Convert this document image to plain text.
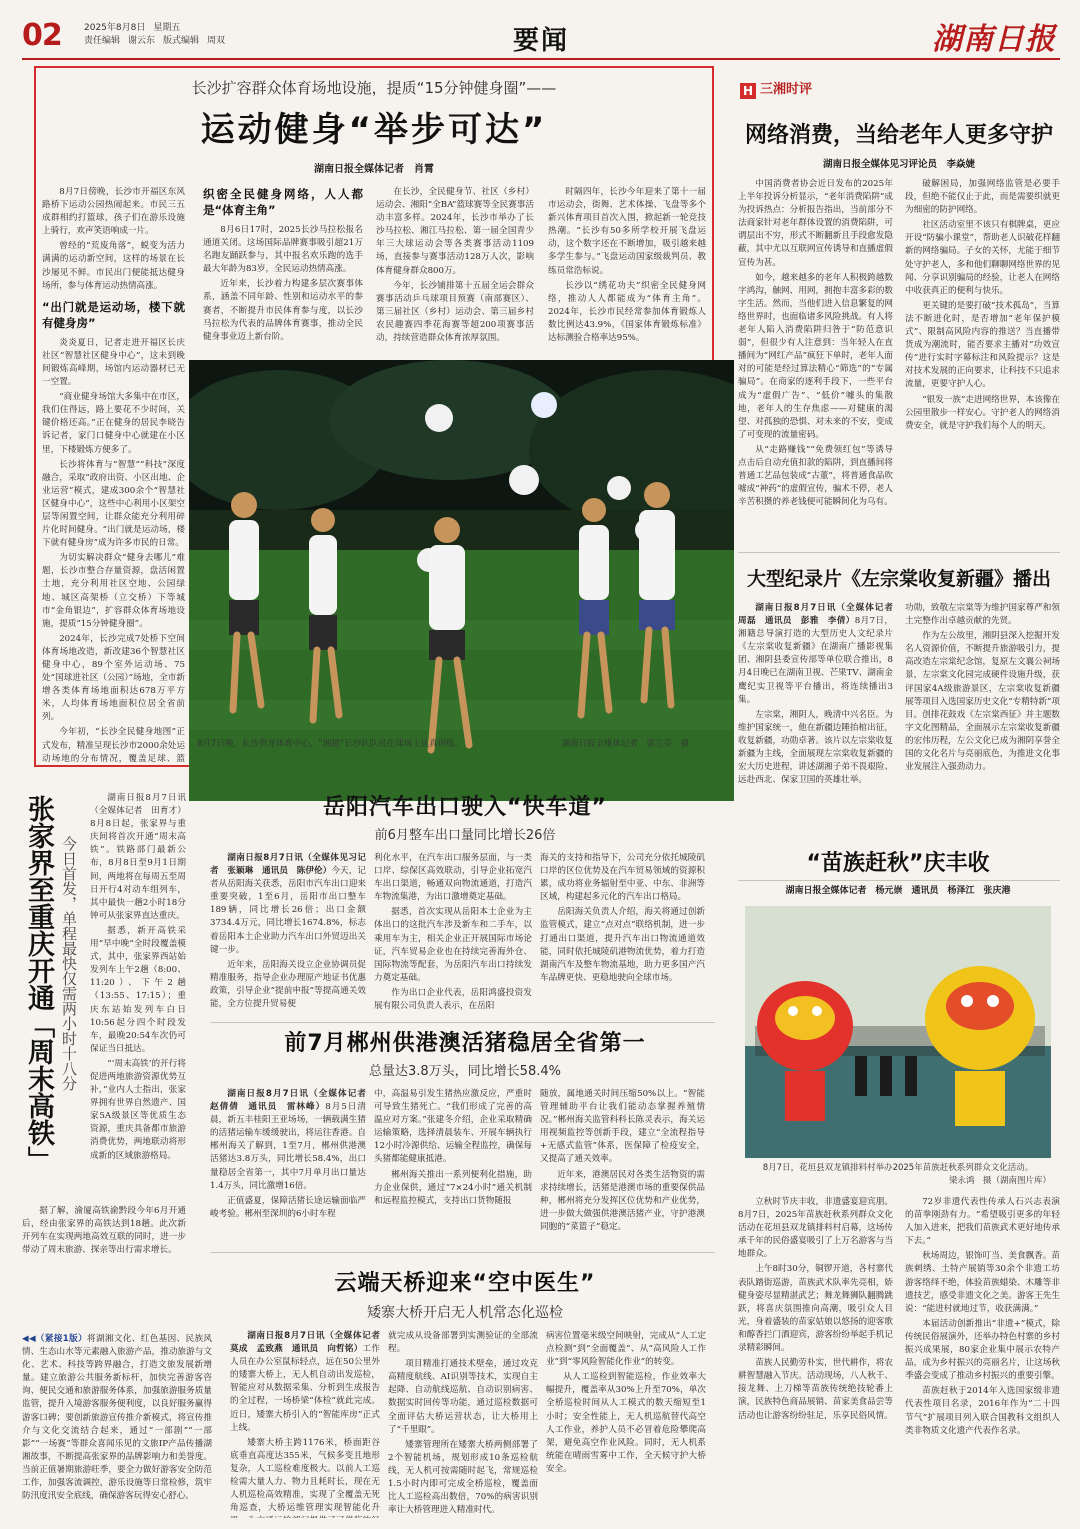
02 2025年8月8日 星期五
责任编辑 谢云东 版式编辑 周双	要闻	湖南日报
长沙扩容群众体育场地设施，提质“15分钟健身圈”——
运动健身“举步可达”
湖南日报全媒体记者　肖霄

8月7日傍晚，长沙市开福区东风路桥下运动公园热闹起来。市民三五成群相约打篮球，孩子们在游乐设施上骑行，欢声笑语响成一片。

曾经的“荒废角落”，蜕变为活力满满的运动新空间，这样的场景在长沙屡见不鲜。市民出门便能抵达健身场所，参与体育运动热情高涨。

“出门就是运动场，楼下就有健身房”

炎炎夏日，记者走进开福区长庆社区“智慧社区健身中心”，这未到晚间锻炼高峰期，场馆内运动器材已无一空置。

“商业健身场馆大多集中在市区，我们住得远，路上要花不少时间，关键价格还高。”正在健身的居民李晓告诉记者，家门口健身中心就建在小区里，下楼锻炼方便多了。

长沙将体育与“智慧”“科技”深度融合，采取“政府出资、小区出地、企业运营”模式，建成300余个“智慧社区健身中心”，这些中心利用小区架空层等闲置空间，让群众能充分利用碎片化时间健身。“出门就是运动场，楼下就有健身房”成为许多市民的日常。

为切实解决群众“健身去哪儿”难题，长沙市整合存量资源，盘活闲置土地，充分利用社区空地、公园绿地、城区高架桥（立交桥）下等城市“金角银边”，扩容群众体育场地设施，提质“15分钟健身圈”。

2024年，长沙完成7处桥下空间体育场地改造，新改建36个智慧社区健身中心，89个室外运动场、75处“国球进社区（公园）”场地，全市新增各类体育场地面积达678万平方米，人均体育场地面积位居全省前列。

今年初，“长沙全民健身地图”正式发布，精准呈现长沙市2000余处运动场地的分布情况，覆盖足球、篮

织密全民健身网络，人人都是“体育主角”

8月6日17时，2025长沙马拉松报名通道关闭。这场国际品牌赛事吸引超21万名跑友踊跃参与，其中报名欢乐跑的选手最大年龄为83岁，全民运动热情高涨。

近年来，长沙着力构建多层次赛事体系，涵盖不同年龄、性别和运动水平的参赛者，不断提升市民体育参与度，以长沙马拉松为代表的品牌体育赛事，推动全民健身事业迈上新台阶。

在长沙，全民健身节、社区（乡村）运动会、湘阳“全BA”篮球赛等全民赛事活动丰富多样。2024年，长沙市举办了长沙马拉松、湘江马拉松、第一届全国青少年三大球运动会等各类赛事活动1109场，直接参与赛事活动128万人次，影响体育健身群众800万。

今年，长沙铺排第十五届全运会群众赛事活动乒乓球项目预赛（南部赛区）、第三届社区（乡村）运动会、第三届乡村农民趣赛四季花海赛等超200项赛事活动，持续营造群众体育浓厚氛围。

时隔四年，长沙今年迎来了第十一届市运动会，街舞、艺术体操、飞盘等多个新兴体育项目首次入围，掀起新一轮竞技热潮。“长沙有50多所学校开展飞盘运动，这个数字还在不断增加，吸引越来越多学生参与。”飞盘运动国家级裁判员、教练员常浩标说。

长沙以“绣花功夫”织密全民健身网络，推动人人都能成为“体育主角”。2024年，长沙市民经常参加体育锻炼人数比例达43.9%，《国家体育锻炼标准》达标测验合格率达95%。

8月7日晚，长沙贺龙体育中心，“湘超”长沙队队员在球场上认真训练。	湖南日报全媒体记者　郭立亮　摄
H 三湘时评
网络消费，当给老年人更多守护
湖南日报全媒体见习评论员　李焱婕

中国消费者协会近日发布的2025年上半年投诉分析显示，“老年消费陷阱”成为投诉热点：分析报告指出，当前部分不法商家针对老年群体设置的消费陷阱，可谓层出不穷，形式不断翻新且手段愈发隐蔽，其中尤以互联网宣传诱导和直播虚假宣传为甚。

如今，越来越多的老年人积极跨越数字鸿沟，触网、用网，拥抱丰富多彩的数字生活。然而，当他们进入信息繁复的网络世界时，也面临诸多风险挑战。有人将老年人陷入消费陷阱归咎于“防范意识弱”，但很少有人注意到：当年轻人在直播间为“网红产品”疯狂下单时，老年人面对的可能是经过算法精心“筛选”的“专属骗局”。在商家的逐利手段下，一些平台成为“虚假广告”、“低价”噱头的集散地，老年人的生存焦虑——对健康的渴望、对孤独的恐惧、对未来的不安，变成了可变现的流量密码。

从“走路赚钱”“免费领红包”等诱导点击后自动充值扣款的陷阱，到直播间将普通工艺品包装成“古董”，将普通食品吹嘘成“神药”的虚假宣传，骗术不停，老人辛苦积攒的养老钱便可能瞬间化为乌有。

破解困局，加强网络监管是必要手段，但绝不能仅止于此，而是需要织就更为细密的防护网络。

社区活动室里不该只有棋牌桌，更应开设“防骗小课堂”，帮助老人识破花样翻新的网络骗局。子女的关怀，尤能于细节处守护老人，多和他们聊聊网络世界的见闻、分享识别骗局的经验，让老人在网络中收获真正的便利与快乐。

更关键的是要打破“技术孤岛”，当算法不断进化时，是否增加“老年保护模式”、限制高风险内容的推送？当直播带货成为潮流时，能否要求主播对“功效宣传”进行实时字幕标注和风险提示？这是对技术发展的正向要求，让科技不只追求流量，更要守护人心。

“银发一族”走进网络世界，本该像在公园里散步一样安心。守护老人的网络消费安全，就是守护我们每个人的明天。

大型纪录片《左宗棠收复新疆》播出

湖南日报8月7日讯（全媒体记者　周磊　通讯员　彭雅　李倩）8月7日，湘籍总导演打造的大型历史人文纪录片《左宗棠收复新疆》在湖南广播影视集团、湘阴县委宣传部等单位联合推出，8月4日晚已在湖南卫视、芒果TV、湖南金鹰纪实卫视等平台播出，将连续播出3集。

左宗棠，湘阴人，晚清中兴名臣。为维护国家统一，他在新疆边陲抬棺出征，收复新疆，功勋卓著。该片以左宗棠收复新疆为主线，全面展现左宗棠收复新疆的宏大历史进程，讲述湖湘子弟不畏艰险、远赴西北、保家卫国的英雄壮举。

功勋，致敬左宗棠等为维护国家尊严和领土完整作出卓越贡献的先贤。

作为左公故里，湘阴县深入挖掘开发名人资源价值，不断提升旅游吸引力，提高改造左宗棠纪念馆，复原左文襄公祠场景，左宗棠文化园完成硬件设施升级，获评国家4A级旅游景区，左宗棠收复新疆展等项目入选国家历史文化“专精特新”项目。创排花鼓戏《左宗棠西征》并主题数字文化图精品，全面展示左宗棠收复新疆的宏伟历程，左公文化已成为湘阴享誉全国的文化名片与亮丽底色，为推进文化事业发展注入强劲动力。

“苗族赶秋”庆丰收
湖南日报全媒体记者　杨元崇　通讯员　杨泽江　张庆港
8月7日，花垣县双龙镇排料村举办2025年苗族赶秋系列群众文化活动。
梁永鸿　摄（湖南图片库）

立秋时节庆丰收，非遗盛宴迎宾朋。8月7日，2025年苗族赶秋系列群众文化活动在花垣县双龙镇排料村启幕，这场传承千年的民俗盛宴吸引了上万名游客与当地群众。

上午8时30分，铜锣开道，各村寨代表队踏街巡游，苗族武术队率先亮相，娇健身姿尽显精湛武艺；舞龙舞狮队翻腾跳跃，将喜庆氛围推向高潮，吸引众人目光，身着盛装的苗家姑娘以悠扬的迎客歌和醇香拦门酒迎宾，游客纷纷举起手机记录精彩瞬间。

苗族人民勤劳朴实，世代耕作，将农耕智慧融入节庆。活动现场，八人秋千、接龙舞、上刀梯等苗族传统绝技轮番上演，民族特色商品展销、苗家美食品尝等活动也让游客纷纷驻足，乐享民俗风情。

72岁非遗代表性传承人石兴志表演的苗拳刚劲有力。“希望吸引更多的年轻人加入进来，把我们苗族武术更好地传承下去。”

秋场周边，银饰叮当、美食飘香。苗族刺绣、土特产展销等30余个非遗工坊游客络绎不绝，体验苗族蜡染、木雕等非遗技艺，感受非遗文化之美。游客王先生说：“能进村就地过节，收获满满。”

本届活动创新推出“非遗+”模式，除传统民俗展演外，还举办特色村寨的乡村振兴成果展，80家企业集中展示农特产品，成为乡村振兴的亮丽名片，让这场秋季盛会变成了推动乡村振兴的重要引擎。

苗族赶秋于2014年入选国家级非遗代表性项目名录，2016年作为“二十四节气”扩展项目列入联合国教科文组织人类非物质文化遗产代表作名录。

张家界至重庆开通「周末高铁」 今日首发，单程最快仅需两小时十八分

湖南日报8月7日讯（全媒体记者　田育才）8月8日起，张家界与重庆间将首次开通“周末高铁”。铁路部门最新公布，8月8日至9月1日期间，两地将在每周五至周日开行4对动车组列车，其中最快一趟2小时18分钟可从张家界直达重庆。

据悉，新开高铁采用“早中晚”全时段覆盖模式，其中，张家界西站始发列车上午2趟（8:00、11:20）、下午2趟（13:55、17:15）；重庆东站始发列车白日10:56起分四个时段发车，最晚20:54车次仍可保证当日抵达。

“‘周末高铁’的开行将促进两地旅游资源优势互补，”业内人士指出，张家界拥有世界自然遗产、国家5A级景区等优质生态资源，重庆具备都市旅游消费优势，两地联动将形成新的区域旅游格局。

据了解，渝厦高铁渝黔段今年6月开通后，经由张家界的高铁达到18趟。此次新开列车在实现两地高效互联的同时，进一步带动了周末旅游、探亲等出行需求增长。

◀◀（紧接1版）将湖湘文化、红色基因、民族风情、生态山水等元素融入旅游产品，推动旅游与文化、艺术、科技等跨界融合，打造文旅发展新增量。建立旅游公共服务新标杆，加快完善游客咨询、便民交通和旅游服务体系，加强旅游服务质量监管，提升入境游客服务便利度，以良好服务赢得游客口碑；要创新旅游宣传推介新模式，将宣传推介与文化交流结合起来，通过“一部剧”“一部影”“一场赛”等群众喜闻乐见的文旅IP产品传播湖湘故事，不断提高张家界的品牌影响力和美誉度。当前正值暑期旅游旺季，要全力做好游客安全防范工作，加强客流调控，游乐设施等日常检修，筑牢防汛度汛安全底线，确保游客玩得安心舒心。

岳阳汽车出口驶入“快车道”
前6月整车出口量同比增长26倍

湖南日报8月7日讯（全媒体见习记者　张颖琳　通讯员　陈伊伦）今天，记者从岳阳海关获悉，岳阳市汽车出口迎来重要突破，1至6月，岳阳市出口整车189辆，同比增长26倍；出口金额3734.4万元，同比增长1674.8%，标志着岳阳本土企业助力汽车出口外贸迈出关键一步。

近年来，岳阳海关设立企业协调员促精准服务，指导企业办理原产地证书优惠政策，引导企业“提前申报”等提高通关效能，全方位提升贸易便

利化水平，在汽车出口服务层面，与一类口岸、综保区高效联动，引导企业拓宽汽车出口渠道，畅通双向物流通道，打造汽车物流集港，为出口激增奠定基础。

据悉，首次实现从岳阳本土企业为主体出口的这批汽车涉及新车和二手车，以乘用车为主，相关企业正开展国际市场论证，汽车贸易企业也在持续完善海外仓、国际物流等配套，为岳阳汽车出口持续发力奠定基础。

作为出口企业代表，岳阳鸿盛投资发展有限公司负责人表示，在岳阳

海关的支持和指导下，公司充分依托城陵矶口岸的区位优势及在汽车贸易领域的资源积累，成功将业务辐射至中亚、中东、非洲等区域，构建起多元化的汽车出口格局。

岳阳海关负责人介绍，海关将通过创新监管模式，建立“点对点”联络机制，进一步打通出口渠道，提升汽车出口物流通道效能，同时依托城陵矶港物流优势，着力打造湖南汽车及整车物流基地，助力更多国产汽车品牌更快、更稳地驶向全球市场。

前7月郴州供港澳活猪稳居全省第一
总量达3.8万头，同比增长58.4%

湖南日报8月7日讯（全媒体记者　赵倩倩　通讯员　雷林峰）8月5日清晨，新五丰桂阳王亚场场，一辆载满生猪的活猪运输车缓缓驶出，将运往香港。自郴州海关了解到，1至7月，郴州供港澳活猪达3.8万头，同比增长58.4%，出口量稳居全省第一，其中7月单月出口量达1.4万头，同比激增16倍。

正值盛夏，保障活猪长途运输面临严峻考验。郴州至深圳的6小时车程

中，高温易引发生猪热应激反应，严重时可导致生猪死亡。“我们形成了完善的高温应对方案。”张建冬介绍，企业采取精确运输策略，选择清晨装车、开展车辆执行12小时冷源供给、运输全程监控，确保每头猪都能健康抵港。

郴州海关推出一系列便利化措施，助力企业保供，通过“7×24小时”通关机制和远程监控模式，支持出口货物随报

随放，属地通关时间压缩50%以上。“智能管理辅助平台让我们能动态掌握养殖情况。”郴州海关监管科科长陈灵表示，海关运用视频监控等创新手段，建立“全流程指导+无感式监管”体系，医保障了检疫安全，又提高了通关效率。

近年来，港澳居民对各类生活物资的需求持续增长，活猪是港澳市场的重要保供品种，郴州将充分发挥区位优势和产业优势，进一步做大做强供港澳活猪产业，守护港澳同胞的“菜篮子”稳定。

云端天桥迎来“空中医生”
矮寨大桥开启无人机常态化巡检

湖南日报8月7日讯（全媒体记者　莫成　孟致燕　通讯员　向哲铭）工作人员在办公室鼠标轻点，远在50公里外的矮寨大桥上，无人机自动出发巡检，智能应对从数据采集、分析到生成报告的全过程，一场桥梁“体检”就此完成。近日，矮寨大桥引入的“智能库房”正式上线。

矮寨大桥主跨1176米，桥面距谷底垂直高度达355米，气候多变且地形复杂，人工巡检难度极大。以前人工巡检需大量人力、物力且耗时长，现在无人机巡检高效精准，实现了全覆盖无死角巡查，大桥运维管理实现智能化升

就完成从设备部署到实测验证的全部流程。

项目精准打通技术壁垒，通过攻克高精度航线、AI识别等技术，实现自主起降、自动航线巡航、自动识别病害、数据实时回传等功能，通过巡检数据可全面评估大桥运营状态，让大桥用上了“千里眼”。

矮寨管理所在矮寨大桥两侧部署了2个智能机场，规划形成10条巡检航线，无人机可按需随时起飞，常规巡检1.5小时内即可完成全桥巡检，覆盖面比人工巡检高出数倍，70%的病害识别率让大桥管理进入精准时代。

病害位置毫米级空间映射，完成从“人工定点检测”到“全面覆盖”、从“高风险人工作业”到“零风险智能化作业”的转变。

从人工巡检到智能巡检，作业效率大幅提升，覆盖率从30%上升至70%，单次全桥巡检时间从人工模式的数天缩短至1小时；安全性能上，无人机巡航替代高空人工作业，养护人员不必冒着危险攀爬高架，避免高空作业风险。同时，无人机系统能在晴雨雪雾中工作，全天候守护大桥安全。
